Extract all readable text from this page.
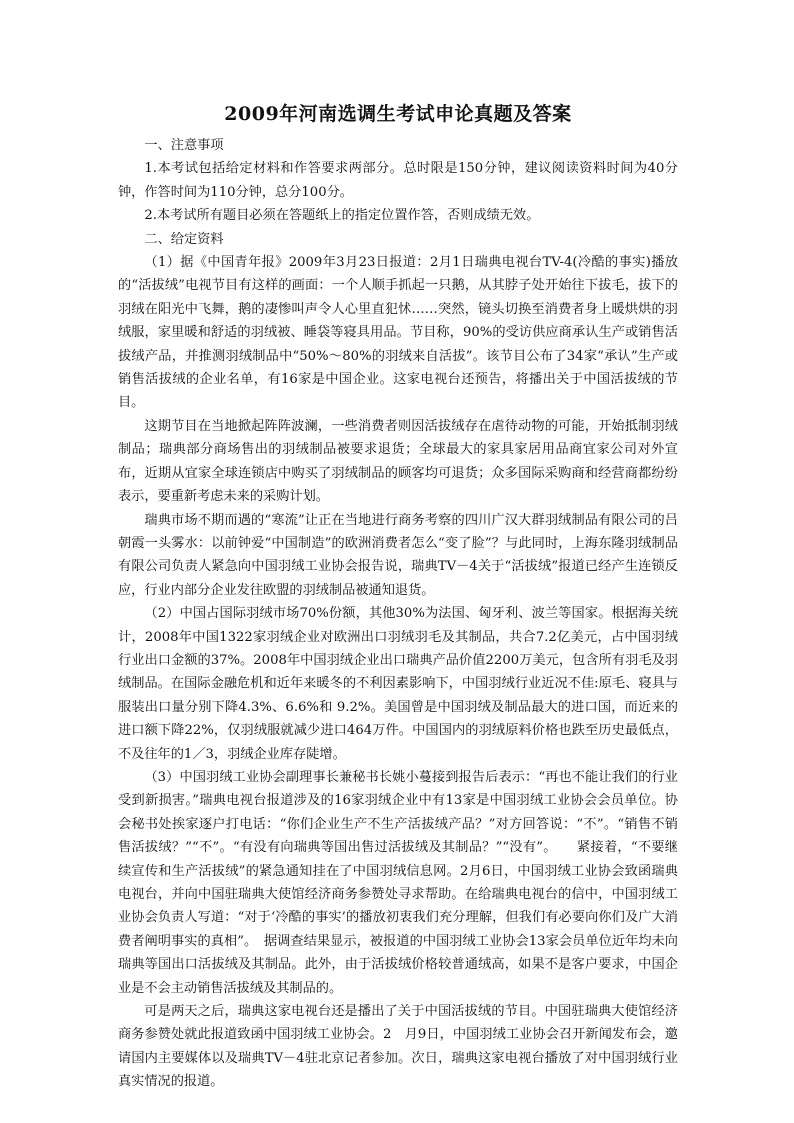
2009年河南选调生考试申论真题及答案

一、注意事项

1.本考试包括给定材料和作答要求两部分。总时限是150分钟，建议阅读资料时间为40分钟，作答时间为110分钟，总分100分。

2.本考试所有题目必须在答题纸上的指定位置作答，否则成绩无效。

二、给定资料

（1）据《中国青年报》2009年3月23日报道：2月1日瑞典电视台TV-4(冷酷的事实)播放的“活拔绒”电视节目有这样的画面：一个人顺手抓起一只鹅，从其脖子处开始往下拔毛，拔下的羽绒在阳光中飞舞，鹅的凄惨叫声令人心里直犯怵……突然，镜头切换至消费者身上暖烘烘的羽绒服，家里暖和舒适的羽绒被、睡袋等寝具用品。节目称，90%的受访供应商承认生产或销售活拔绒产品，并推测羽绒制品中“50%～80%的羽绒来自活拔”。该节目公布了34家“承认”生产或销售活拔绒的企业名单，有16家是中国企业。这家电视台还预告，将播出关于中国活拔绒的节目。

这期节目在当地掀起阵阵波澜，一些消费者则因活拔绒存在虐待动物的可能，开始抵制羽绒制品；瑞典部分商场售出的羽绒制品被要求退货；全球最大的家具家居用品商宜家公司对外宣布，近期从宜家全球连锁店中购买了羽绒制品的顾客均可退货；众多国际采购商和经营商都纷纷表示，要重新考虑未来的采购计划。

瑞典市场不期而遇的“寒流”让正在当地进行商务考察的四川广汉大群羽绒制品有限公司的吕朝霞一头雾水：以前钟爱“中国制造”的欧洲消费者怎么“变了脸”？与此同时，上海东隆羽绒制品有限公司负责人紧急向中国羽绒工业协会报告说，瑞典TV－4关于“活拔绒”报道已经产生连锁反应，行业内部分企业发往欧盟的羽绒制品被通知退货。

（2）中国占国际羽绒市场70%份额，其他30%为法国、匈牙利、波兰等国家。根据海关统计，2008年中国1322家羽绒企业对欧洲出口羽绒羽毛及其制品，共合7.2亿美元，占中国羽绒行业出口金额的37%。2008年中国羽绒企业出口瑞典产品价值2200万美元，包含所有羽毛及羽绒制品。在国际金融危机和近年来暖冬的不利因素影响下，中国羽绒行业近况不佳:原毛、寝具与服装出口量分别下降4.3%、6.6%和 9.2%。美国曾是中国羽绒及制品最大的进口国，而近来的进口额下降22%，仅羽绒服就减少进口464万件。中国国内的羽绒原料价格也跌至历史最低点，不及往年的1／3，羽绒企业库存陡增。

（3）中国羽绒工业协会副理事长兼秘书长姚小蔓接到报告后表示：“再也不能让我们的行业受到新损害。”瑞典电视台报道涉及的16家羽绒企业中有13家是中国羽绒工业协会会员单位。协会秘书处挨家逐户打电话：“你们企业生产不生产活拔绒产品？”对方回答说：“不”。“销售不销售活拔绒？”“不”。“有没有向瑞典等国出售过活拔绒及其制品？”“没有”。　　紧接着，“不要继续宣传和生产活拔绒”的紧急通知挂在了中国羽绒信息网。2月6日，中国羽绒工业协会致函瑞典电视台，并向中国驻瑞典大使馆经济商务参赞处寻求帮助。在给瑞典电视台的信中，中国羽绒工业协会负责人写道：“对于‘冷酷的事实’的播放初衷我们充分理解，但我们有必要向你们及广大消费者阐明事实的真相”。　据调查结果显示，被报道的中国羽绒工业协会13家会员单位近年均未向瑞典等国出口活拔绒及其制品。此外，由于活拔绒价格较普通绒高，如果不是客户要求，中国企业是不会主动销售活拔绒及其制品的。

可是两天之后，瑞典这家电视台还是播出了关于中国活拔绒的节目。中国驻瑞典大使馆经济商务参赞处就此报道致函中国羽绒工业协会。2　月9日，中国羽绒工业协会召开新闻发布会，邀请国内主要媒体以及瑞典TV－4驻北京记者参加。次日，瑞典这家电视台播放了对中国羽绒行业真实情况的报道。
